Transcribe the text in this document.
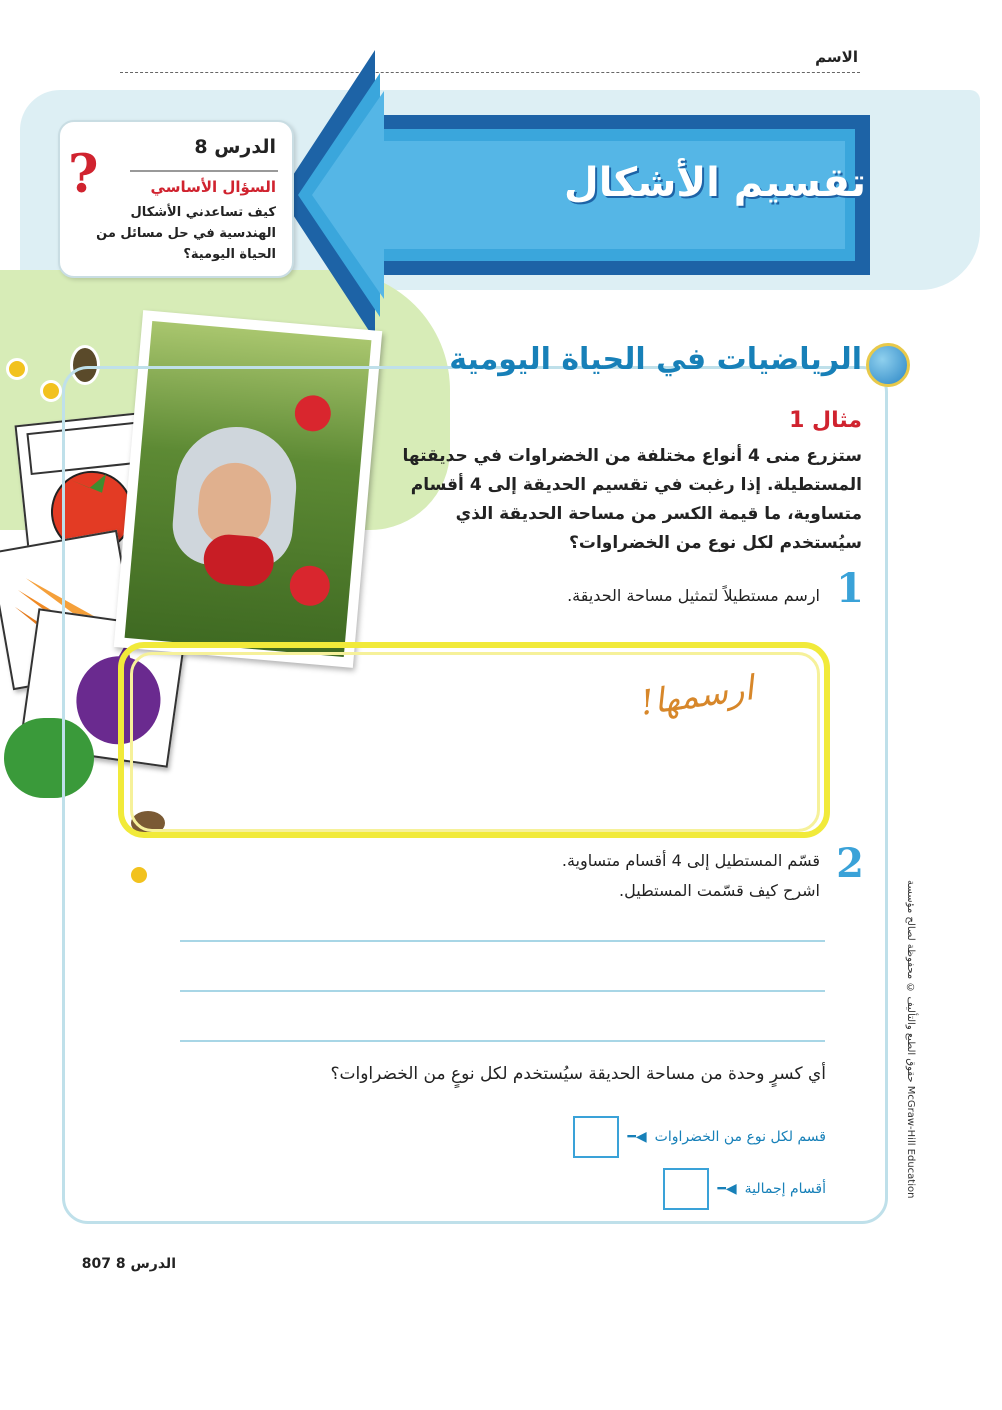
الاسم
تقسيم الأشكال
الدرس 8
السؤال الأساسي
كيف تساعدني الأشكال الهندسية في حل مسائل من الحياة اليومية؟
?
الرياضيات في الحياة اليومية
مثال 1
ستزرع منى 4 أنواع مختلفة من الخضراوات في حديقتها المستطيلة. إذا رغبت في تقسيم الحديقة إلى 4 أقسام متساوية، ما قيمة الكسر من مساحة الحديقة الذي سيُستخدم لكل نوع من الخضراوات؟
1
ارسم مستطيلاً لتمثيل مساحة الحديقة.
ارسمها!
2
قسّم المستطيل إلى 4 أقسام متساوية.
اشرح كيف قسّمت المستطيل.
أي كسرٍ وحدة من مساحة الحديقة سيُستخدم لكل نوعٍ من الخضراوات؟
◀━ قسم لكل نوع من الخضراوات
◀━ أقسام إجمالية
حقوق الطبع والتأليف © محفوظة لصالح مؤسسة McGraw-Hill Education
الدرس 8 807
